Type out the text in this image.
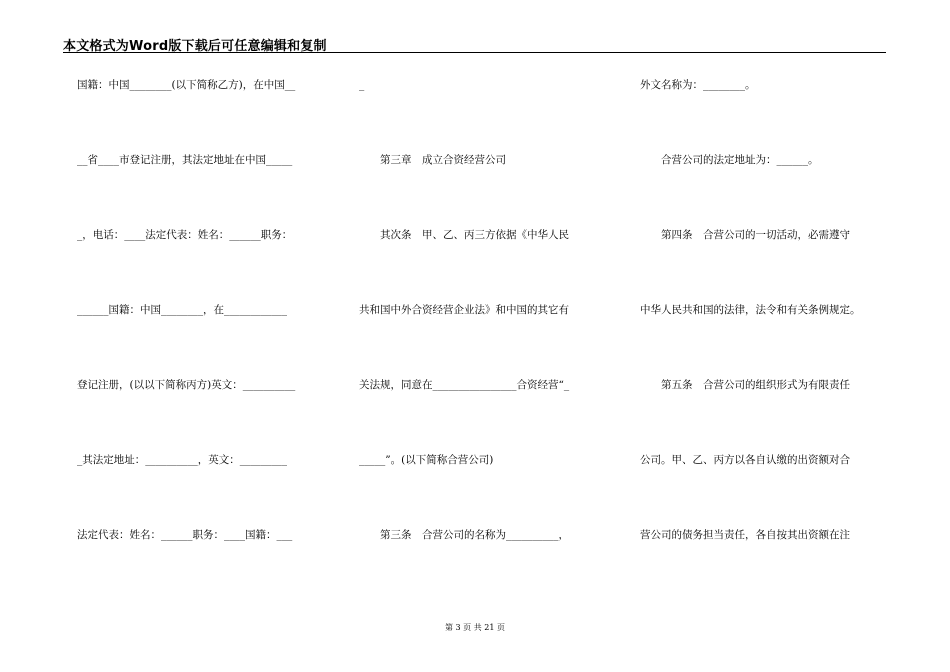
本文格式为Word版下载后可任意编辑和复制
国籍：中国________(以下简称乙方)，在中国__
__省____市登记注册，其法定地址在中国_____
_，电话：____法定代表：姓名：______职务：
______国籍：中国________，在____________
登记注册，(以以下简称丙方)英文：__________
_其法定地址：__________，英文：_________
法定代表：姓名：______职务：____国籍：___
_
　　第三章　成立合资经营公司
　　其次条　甲、乙、丙三方依据《中华人民
共和国中外合资经营企业法》和中国的其它有
关法规，同意在________________合资经营“_
_____”。(以下简称合营公司)
　　第三条　合营公司的名称为__________，
外文名称为：________。
　　合营公司的法定地址为：______。
　　第四条　合营公司的一切活动，必需遵守
中华人民共和国的法律，法令和有关条例规定。
　　第五条　合营公司的组织形式为有限责任
公司。甲、乙、丙方以各自认缴的出资额对合
营公司的债务担当责任，各自按其出资额在注
第 3 页 共 21 页
